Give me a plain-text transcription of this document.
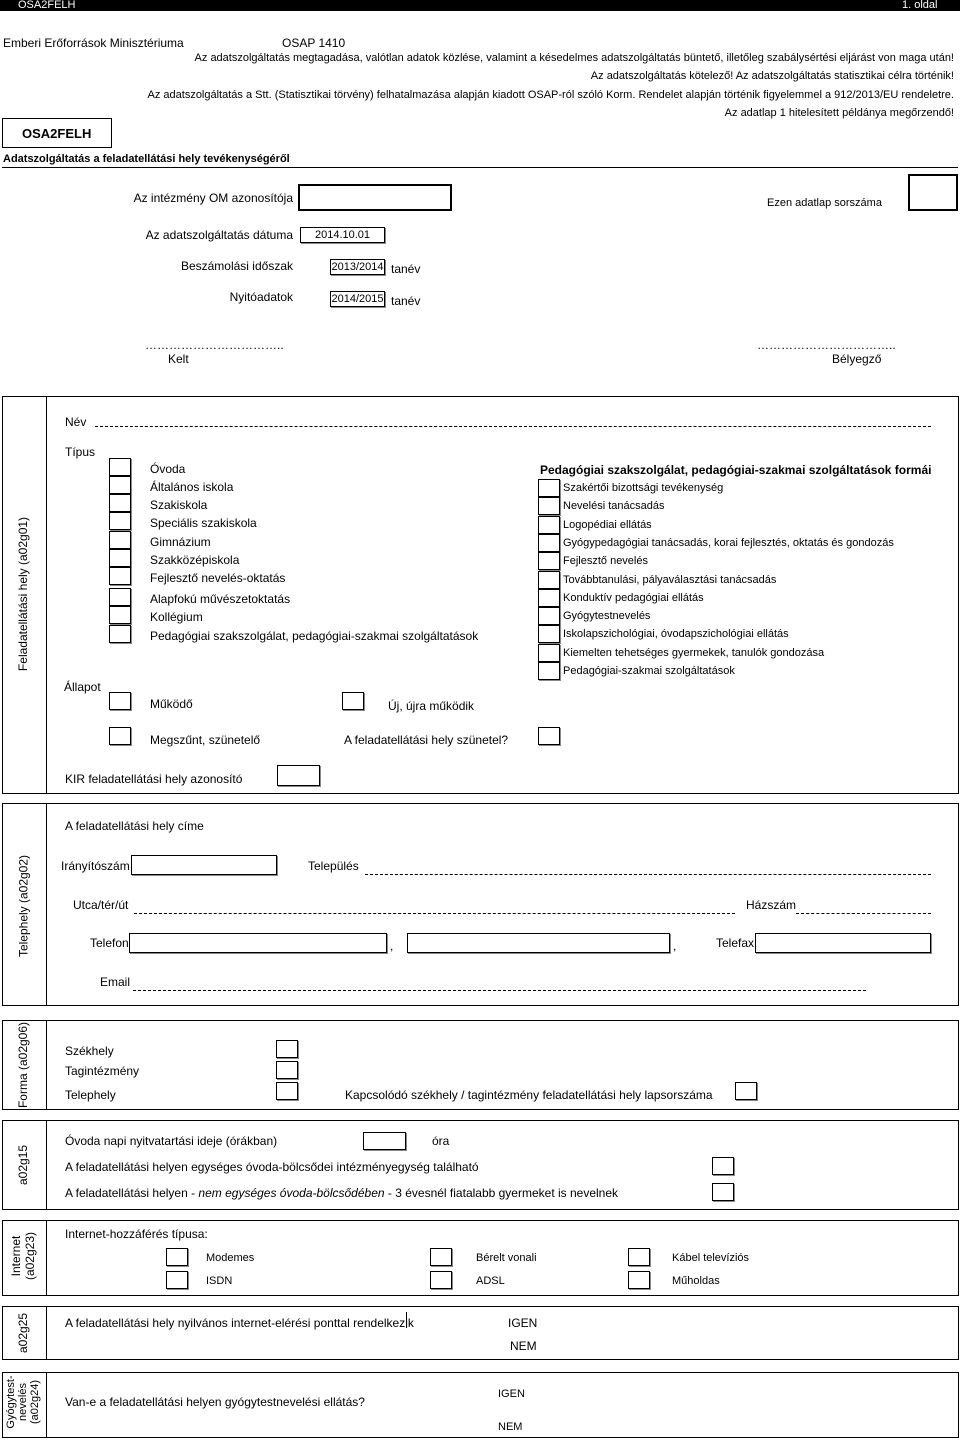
OSA2FELH	1. oldal
Emberi Erőforrások Minisztériuma	OSAP 1410
Az adatszolgáltatás megtagadása, valótlan adatok közlése, valamint a késedelmes adatszolgáltatás büntető, illetőleg szabálysértési eljárást von maga után!
Az adatszolgáltatás kötelező! Az adatszolgáltatás statisztikai célra történik!
Az adatszolgáltatás a Stt. (Statisztikai törvény) felhatalmazása alapján kiadott OSAP-ról szóló Korm. Rendelet alapján történik figyelemmel a 912/2013/EU rendeletre.
Az adatlap 1 hitelesített példánya megőrzendő!
OSA2FELH
Adatszolgáltatás a feladatellátási hely tevékenységéről
Az intézmény OM azonosítója	Ezen adatlap sorszáma
Az adatszolgáltatás dátuma	2014.10.01
Beszámolási időszak	2013/2014 tanév
Nyitóadatok	2014/2015 tanév
……………………………..
Kelt
……………………………..
Bélyegző
Feladatellátási hely (a02g01)
Név
Típus
Óvoda
Általános iskola
Szakiskola
Speciális szakiskola
Gimnázium
Szakközépiskola
Fejlesztő nevelés-oktatás
Alapfokú művészetoktatás
Kollégium
Pedagógiai szakszolgálat, pedagógiai-szakmai szolgáltatások
Pedagógiai szakszolgálat, pedagógiai-szakmai szolgáltatások formái
Szakértői bizottsági tevékenység
Nevelési tanácsadás
Logopédiai ellátás
Gyógypedagógiai tanácsadás, korai fejlesztés, oktatás és gondozás
Fejlesztő nevelés
Továbbtanulási, pályaválasztási tanácsadás
Konduktív pedagógiai ellátás
Gyógytestnevelés
Iskolapszichológiai, óvodapszichológiai ellátás
Kiemelten tehetséges gyermekek, tanulók gondozása
Pedagógiai-szakmai szolgáltatások
Állapot
Működő	Új, újra működik
Megszűnt, szünetelő	A feladatellátási hely szünetel?
KIR feladatellátási hely azonosító
Telephely (a02g02)
A feladatellátási hely címe
Irányítószám	Település
Utca/tér/út	Házszám
Telefon	,	,	Telefax
Email
Forma (a02g06)	Székhely
Tagintézmény
Telephely	Kapcsolódó székhely / tagintézmény feladatellátási hely lapsorszáma
a02g15
Óvoda napi nyitvatartási ideje (órákban)	óra
A feladatellátási helyen egységes óvoda-bölcsődei intézményegység található
A feladatellátási helyen - nem egységes óvoda-bölcsődében - 3 évesnél fiatalabb gyermeket is nevelnek
Internet (a02g23) Internet-hozzáférés típusa:
Modemes	Bérelt vonali	Kábel televíziós
ISDN	ADSL	Műholdas
a02g25	A feladatellátási hely nyilvános internet-elérési ponttal rendelkezik	IGEN
NEM
Gyógytest- nevelés (a02g24) Van-e a feladatellátási helyen gyógytestnevelési ellátás?
IGEN
NEM
